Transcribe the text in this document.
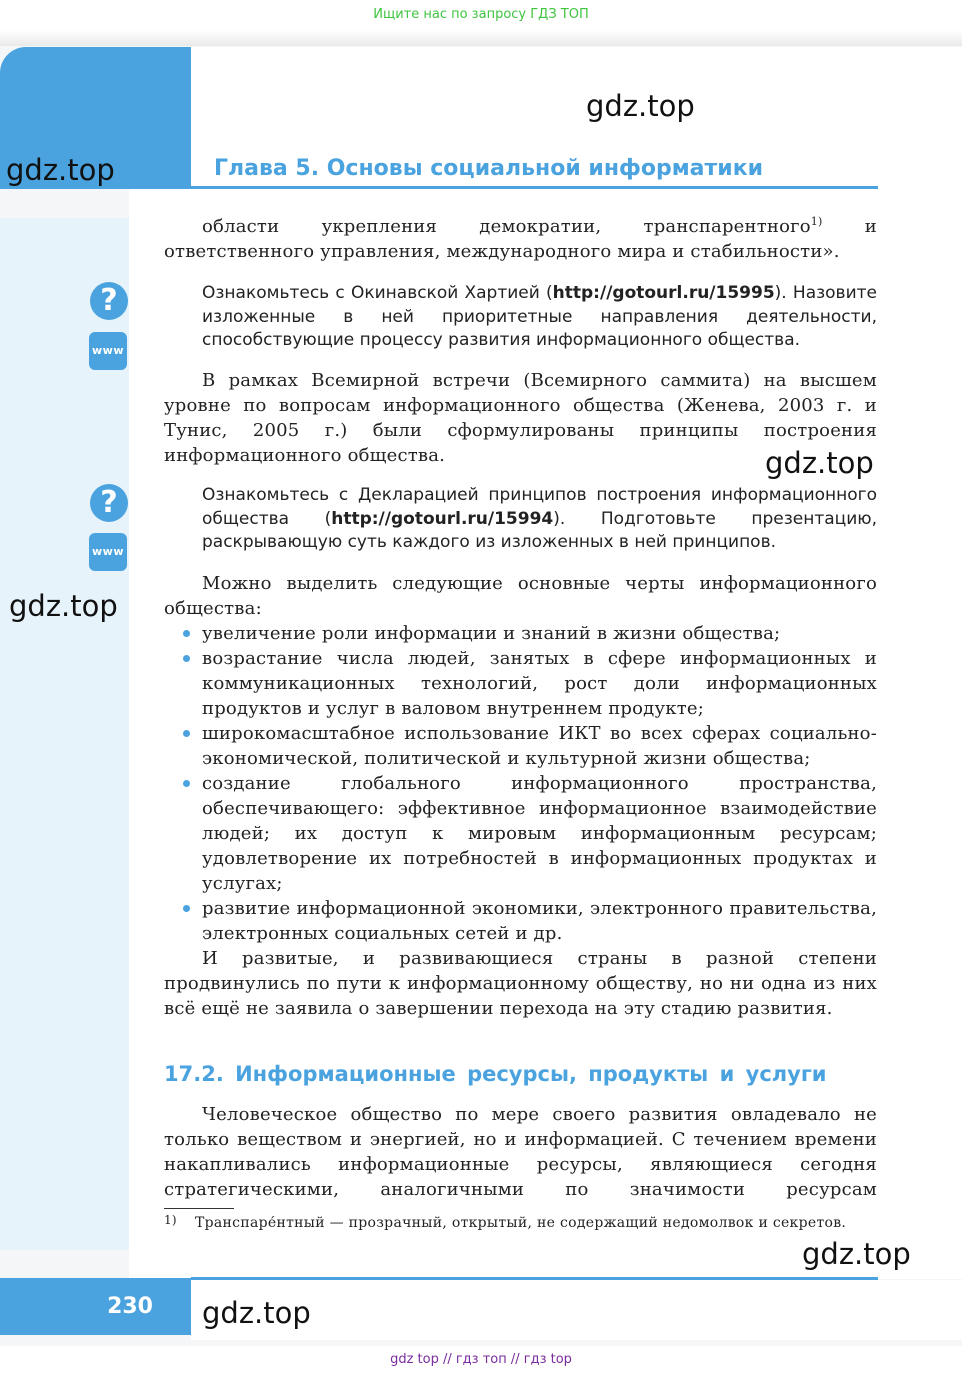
Ищите нас по запросу ГДЗ ТОП
Глава 5. Основы социальной информатики
gdz.top
gdz.top
?
www
?
www

области укрепления демократии, транспарентного$^{1)}$ и ответственного управления, международного мира и стабильности».

Ознакомьтесь с Окинавской Хартией (http://gotourl.ru/15995). Назовите изложенные в ней приоритетные направления деятельности, способствующие процессу развития информационного общества.

В рамках Всемирной встречи (Всемирного саммита) на высшем уровне по вопросам информационного общества (Женева, 2003 г. и Тунис, 2005 г.) были сформулированы принципы построения информационного общества.	gdz.top

Ознакомьтесь с Декларацией принципов построения информационного общества (http://gotourl.ru/15994). Подготовьте презентацию, раскрывающую суть каждого из изложенных в ней принципов.

gdz.top

Можно выделить следующие основные черты информационного общества:

увеличение роли информации и знаний в жизни общества;
возрастание числа людей, занятых в сфере информационных и коммуникационных технологий, рост доли информационных продуктов и услуг в валовом внутреннем продукте;
широкомасштабное использование ИКТ во всех сферах социально-экономической, политической и культурной жизни общества;
создание глобального информационного пространства, обеспечивающего: эффективное информационное взаимодействие людей; их доступ к мировым информационным ресурсам; удовлетворение их потребностей в информационных продуктах и услугах;
развитие информационной экономики, электронного правительства, электронных социальных сетей и др.

И развитые, и развивающиеся страны в разной степени продвинулись по пути к информационному обществу, но ни одна из них всё ещё не заявила о завершении перехода на эту стадию развития.

17.2. Информационные ресурсы, продукты и услуги

Человеческое общество по мере своего развития овладевало не только веществом и энергией, но и информацией. С течением времени накапливались информационные ресурсы, являющиеся сегодня стратегическими, аналогичными по значимости ресурсам

1)	Транспаре́нтный — прозрачный, открытый, не содержащий недомолвок и секретов.
gdz.top
230	gdz.top
gdz top // гдз топ // гдз top
